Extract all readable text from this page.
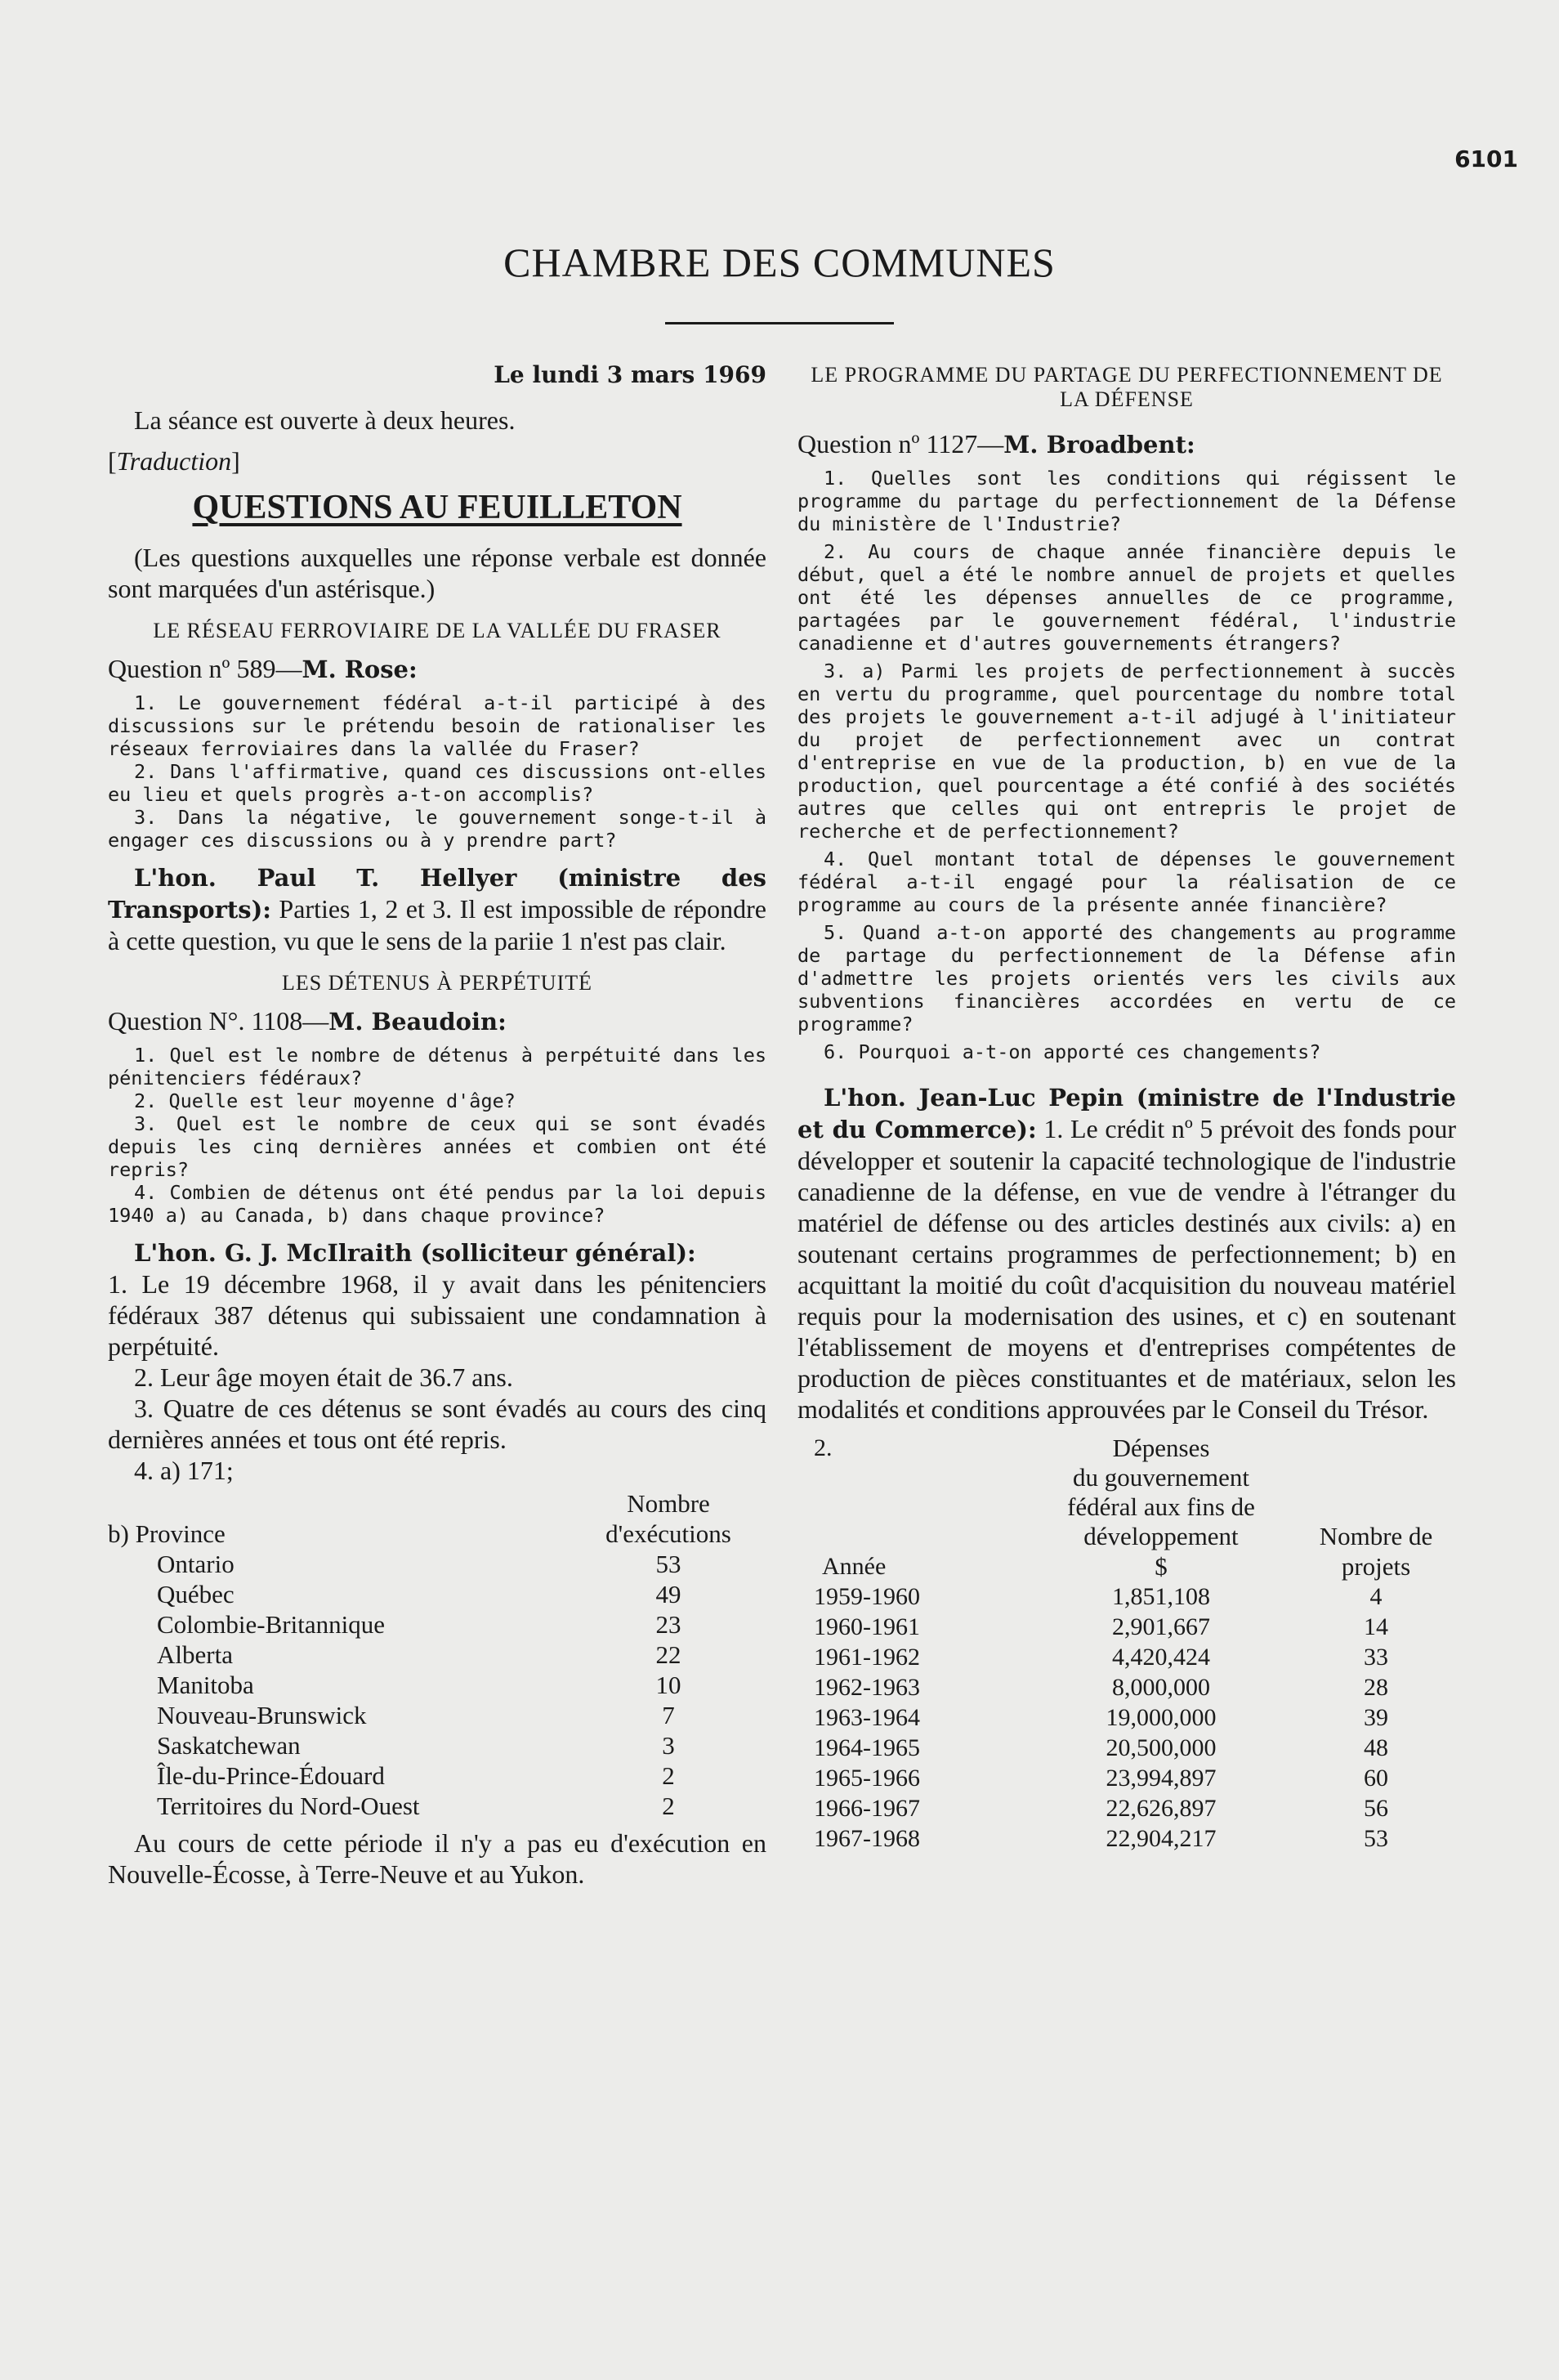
6101
CHAMBRE DES COMMUNES

Le lundi 3 mars 1969

La séance est ouverte à deux heures.

[Traduction]

QUESTIONS AU FEUILLETON

(Les questions auxquelles une réponse verbale est donnée sont marquées d'un astérisque.)

LE RÉSEAU FERROVIAIRE DE LA VALLÉE DU FRASER

Question nº 589—M. Rose:

1. Le gouvernement fédéral a-t-il participé à des discussions sur le prétendu besoin de rationaliser les réseaux ferroviaires dans la vallée du Fraser?

2. Dans l'affirmative, quand ces discussions ont-elles eu lieu et quels progrès a-t-on accomplis?

3. Dans la négative, le gouvernement songe-t-il à engager ces discussions ou à y prendre part?

L'hon. Paul T. Hellyer (ministre des Transports): Parties 1, 2 et 3. Il est impossible de répondre à cette question, vu que le sens de la pariie 1 n'est pas clair.

LES DÉTENUS À PERPÉTUITÉ

Question N°. 1108—M. Beaudoin:

1. Quel est le nombre de détenus à perpétuité dans les pénitenciers fédéraux?

2. Quelle est leur moyenne d'âge?

3. Quel est le nombre de ceux qui se sont évadés depuis les cinq dernières années et combien ont été repris?

4. Combien de détenus ont été pendus par la loi depuis 1940 a) au Canada, b) dans chaque province?

L'hon. G. J. McIlraith (solliciteur général):

1. Le 19 décembre 1968, il y avait dans les pénitenciers fédéraux 387 détenus qui subissaient une condamnation à perpétuité.

2. Leur âge moyen était de 36.7 ans.

3. Quatre de ces détenus se sont évadés au cours des cinq dernières années et tous ont été repris.

4. a) 171;

	Nombre
b) Province	d'exécutions
Ontario	53
Québec	49
Colombie-Britannique	23
Alberta	22
Manitoba	10
Nouveau-Brunswick	7
Saskatchewan	3
Île-du-Prince-Édouard	2
Territoires du Nord-Ouest	2

Au cours de cette période il n'y a pas eu d'exécution en Nouvelle-Écosse, à Terre-Neuve et au Yukon.

LE PROGRAMME DU PARTAGE DU PERFECTIONNEMENT DE LA DÉFENSE

Question nº 1127—M. Broadbent:

1. Quelles sont les conditions qui régissent le programme du partage du perfectionnement de la Défense du ministère de l'Industrie?

2. Au cours de chaque année financière depuis le début, quel a été le nombre annuel de projets et quelles ont été les dépenses annuelles de ce programme, partagées par le gouvernement fédéral, l'industrie canadienne et d'autres gouvernements étrangers?

3. a) Parmi les projets de perfectionnement à succès en vertu du programme, quel pourcentage du nombre total des projets le gouvernement a-t-il adjugé à l'initiateur du projet de perfectionnement avec un contrat d'entreprise en vue de la production, b) en vue de la production, quel pourcentage a été confié à des sociétés autres que celles qui ont entrepris le projet de recherche et de perfectionnement?

4. Quel montant total de dépenses le gouvernement fédéral a-t-il engagé pour la réalisation de ce programme au cours de la présente année financière?

5. Quand a-t-on apporté des changements au programme de partage du perfectionnement de la Défense afin d'admettre les projets orientés vers les civils aux subventions financières accordées en vertu de ce programme?

6. Pourquoi a-t-on apporté ces changements?

L'hon. Jean-Luc Pepin (ministre de l'Industrie et du Commerce): 1. Le crédit nº 5 prévoit des fonds pour développer et soutenir la capacité technologique de l'industrie canadienne de la défense, en vue de vendre à l'étranger du matériel de défense ou des articles destinés aux civils: a) en soutenant certains programmes de perfectionnement; b) en acquittant la moitié du coût d'acquisition du nouveau matériel requis pour la modernisation des usines, et c) en soutenant l'établissement de moyens et d'entreprises compétentes de production de pièces constituantes et de matériaux, selon les modalités et conditions approuvées par le Conseil du Trésor.

2.	Dépenses	
	du gouvernement	
	fédéral aux fins de	
	développement	Nombre de
Année	$	projets
1959-1960	1,851,108	4
1960-1961	2,901,667	14
1961-1962	4,420,424	33
1962-1963	8,000,000	28
1963-1964	19,000,000	39
1964-1965	20,500,000	48
1965-1966	23,994,897	60
1966-1967	22,626,897	56
1967-1968	22,904,217	53
